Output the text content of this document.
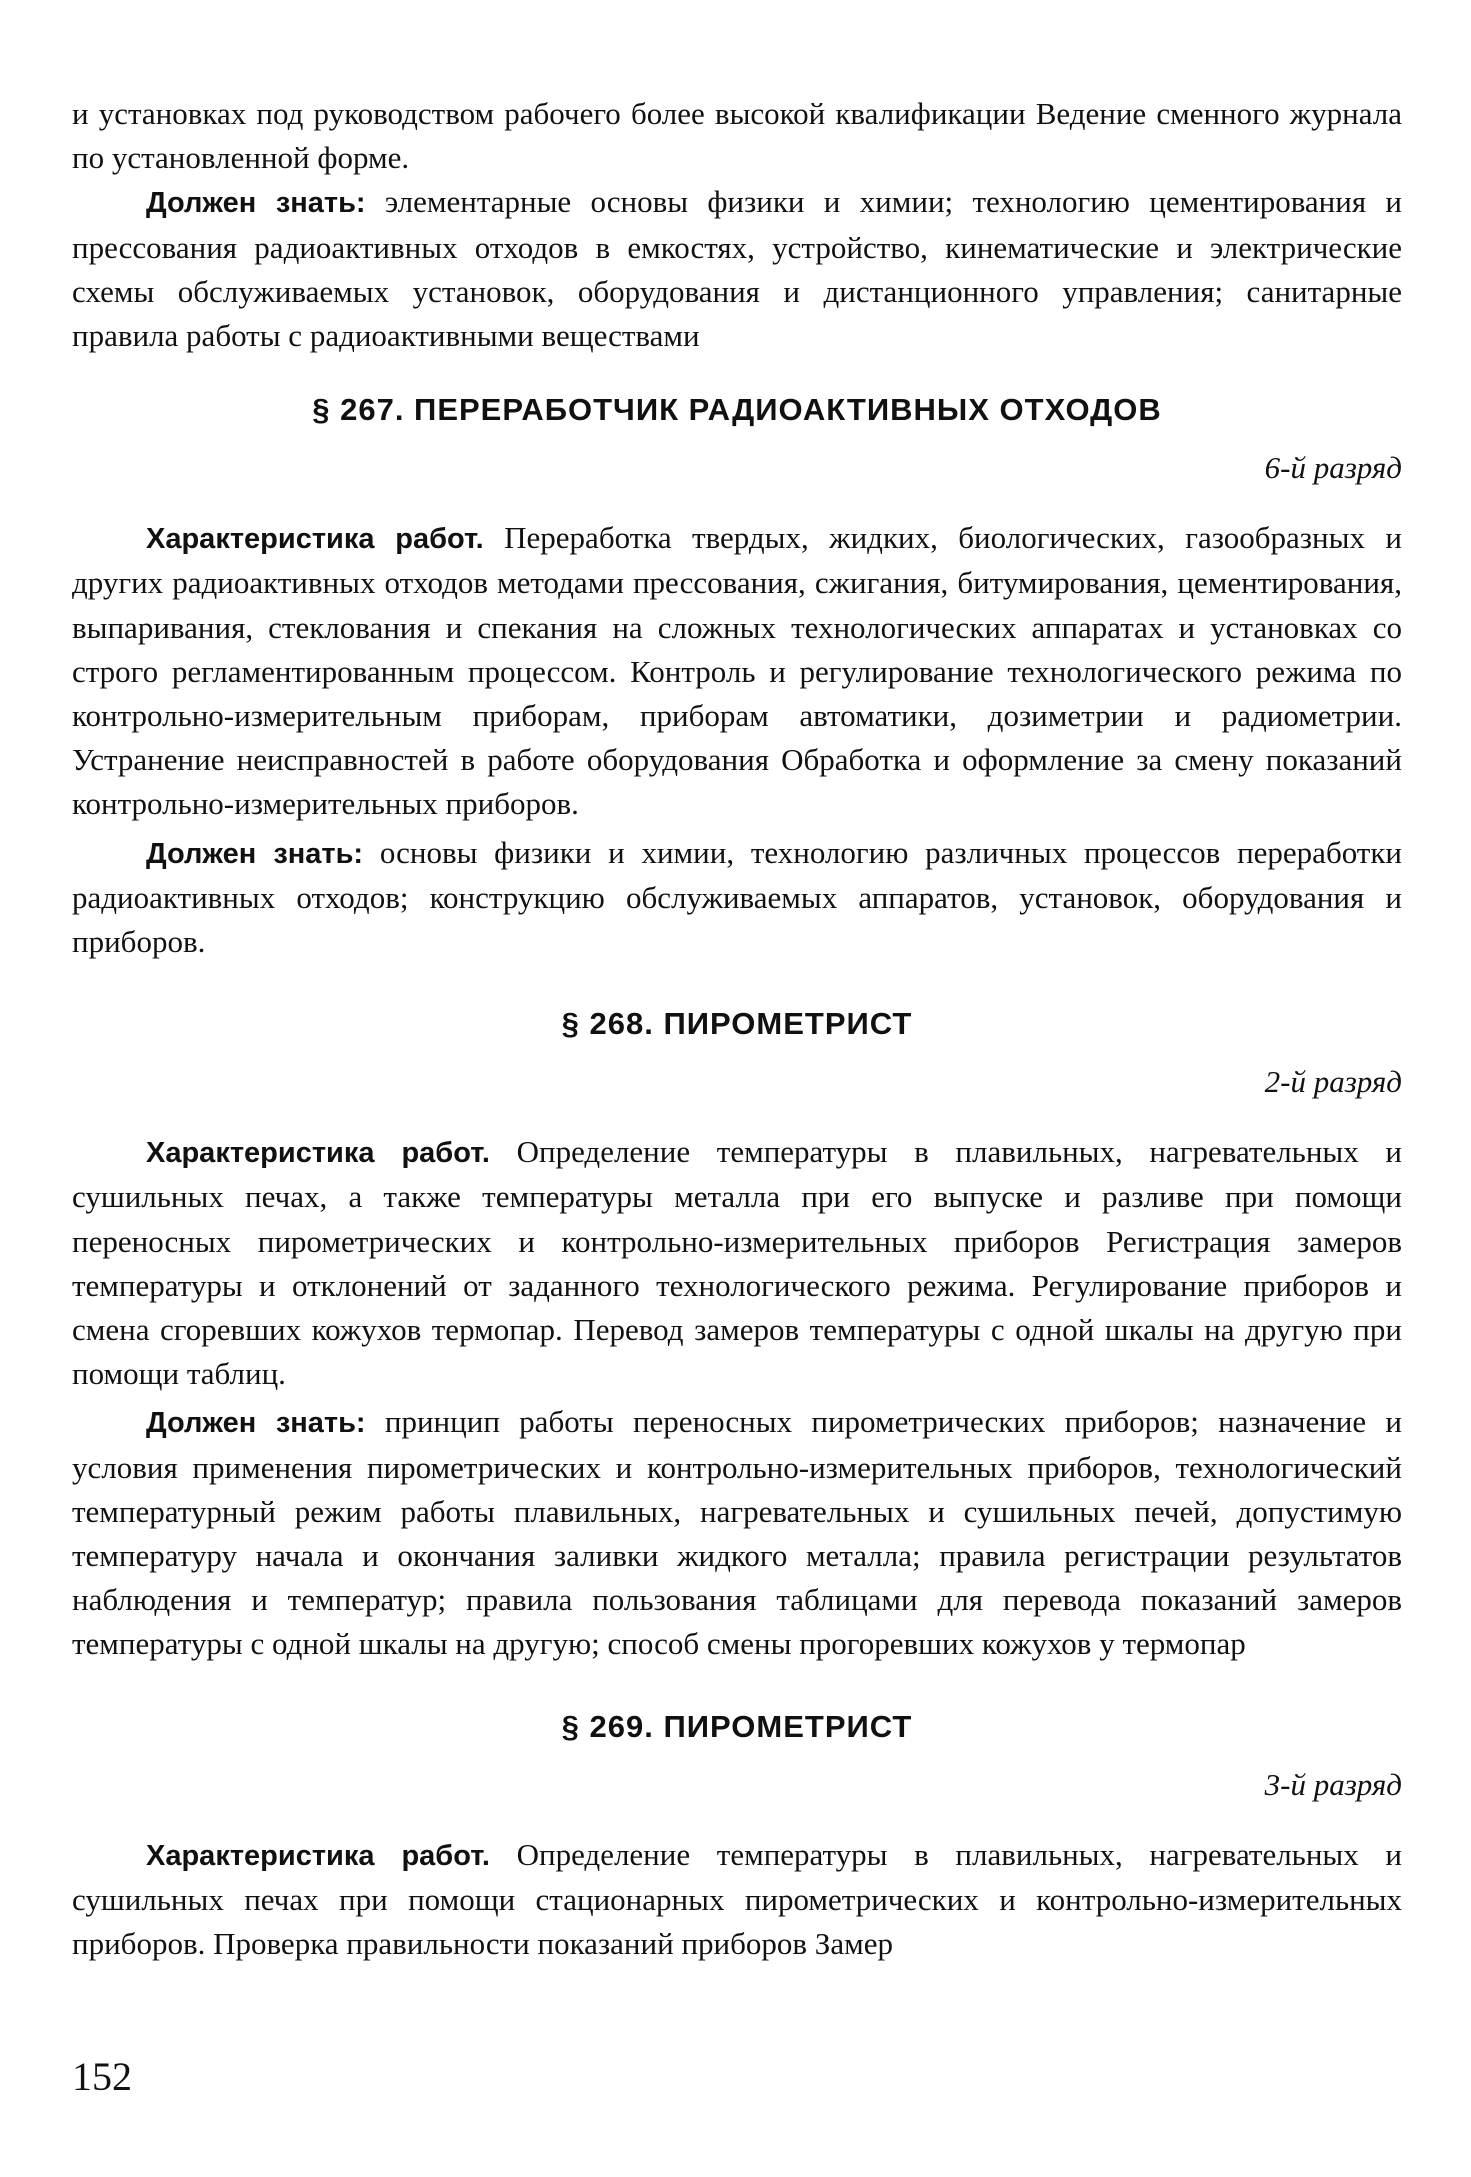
и установках под руководством рабочего более высокой квалификации Ведение сменного журнала по установленной форме.

Должен знать: элементарные основы физики и химии; технологию цементирования и прессования радиоактивных отходов в емкостях, устройство, кинематические и электрические схемы обслуживаемых установок, оборудования и дистанционного управления; санитарные правила работы с радиоактивными веществами

§ 267. ПЕРЕРАБОТЧИК РАДИОАКТИВНЫХ ОТХОДОВ
6-й разряд

Характеристика работ. Переработка твердых, жидких, биологических, газообразных и других радиоактивных отходов методами прессования, сжигания, битумирования, цементирования, выпаривания, стеклования и спекания на сложных технологических аппаратах и установках со строго регламентированным процессом. Контроль и регулирование технологического режима по контрольно-измерительным приборам, приборам автоматики, дозиметрии и радиометрии. Устранение неисправностей в работе оборудования Обработка и оформление за смену показаний контрольно-измерительных приборов.

Должен знать: основы физики и химии, технологию различных процессов переработки радиоактивных отходов; конструкцию обслуживаемых аппаратов, установок, оборудования и приборов.

§ 268. ПИРОМЕТРИСТ
2-й разряд

Характеристика работ. Определение температуры в плавильных, нагревательных и сушильных печах, а также температуры металла при его выпуске и разливе при помощи переносных пирометрических и контрольно-измерительных приборов Регистрация замеров температуры и отклонений от заданного технологического режима. Регулирование приборов и смена сгоревших кожухов термопар. Перевод замеров температуры с одной шкалы на другую при помощи таблиц.

Должен знать: принцип работы переносных пирометрических приборов; назначение и условия применения пирометрических и контрольно-измерительных приборов, технологический температурный режим работы плавильных, нагревательных и сушильных печей, допустимую температуру начала и окончания заливки жидкого металла; правила регистрации результатов наблюдения и температур; правила пользования таблицами для перевода показаний замеров температуры с одной шкалы на другую; способ смены прогоревших кожухов у термопар

§ 269. ПИРОМЕТРИСТ
3-й разряд

Характеристика работ. Определение температуры в плавильных, нагревательных и сушильных печах при помощи стационарных пирометрических и контрольно-измерительных приборов. Проверка правильности показаний приборов Замер

152
